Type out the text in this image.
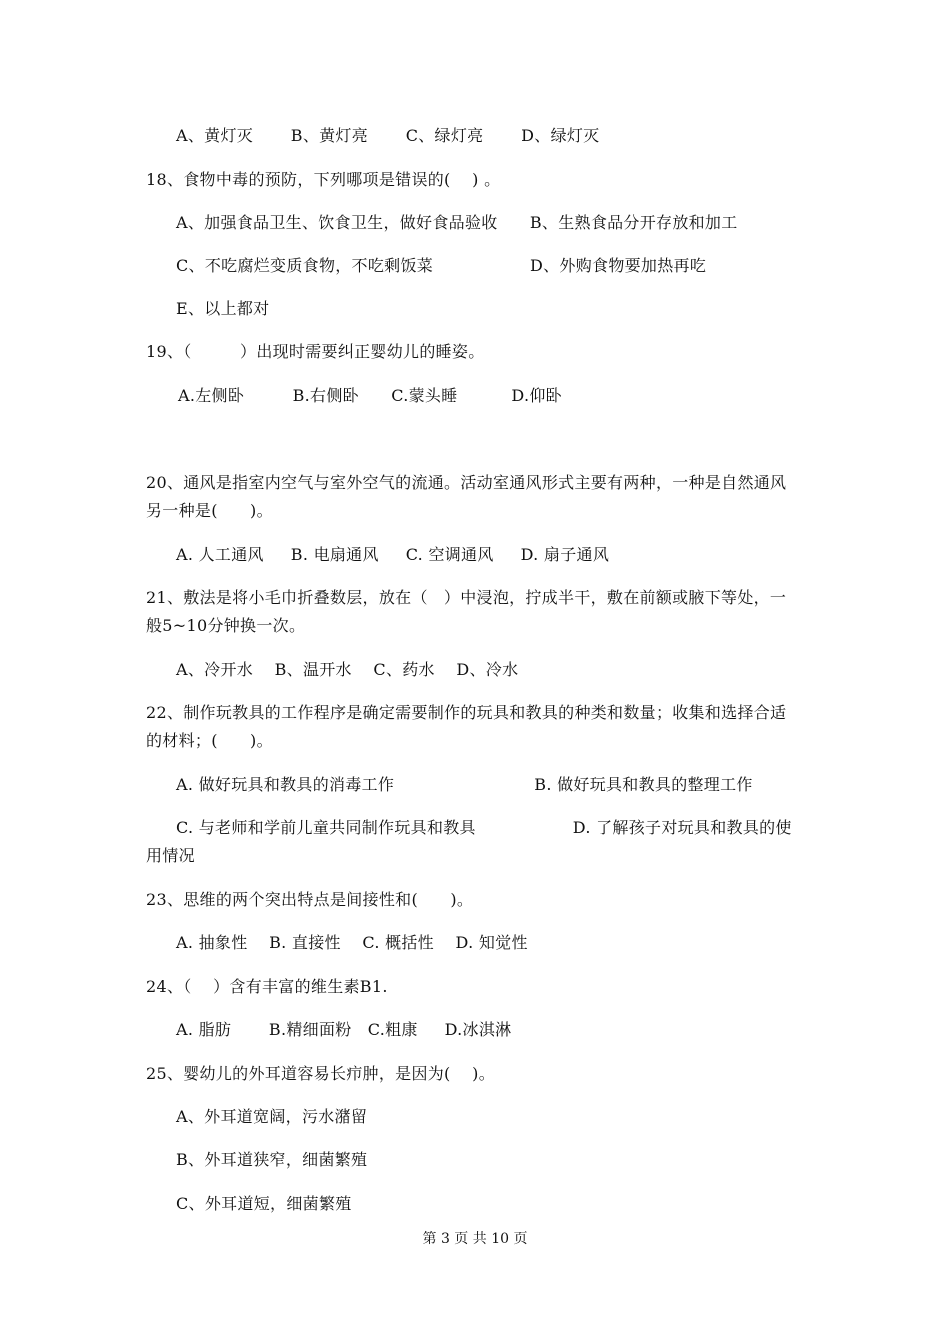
A、黄灯灭       B、黄灯亮       C、绿灯亮       D、绿灯灭
18、食物中毒的预防，下列哪项是错误的(    ) 。
A、加强食品卫生、饮食卫生，做好食品验收      B、生熟食品分开存放和加工
C、不吃腐烂变质食物，不吃剩饭菜                  D、外购食物要加热再吃
E、以上都对
19、（         ）出现时需要纠正婴幼儿的睡姿。
A.左侧卧         B.右侧卧      C.蒙头睡          D.仰卧
20、通风是指室内空气与室外空气的流通。活动室通风形式主要有两种，一种是自然通风
另一种是(      )。
A. 人工通风     B. 电扇通风     C. 空调通风     D. 扇子通风
21、敷法是将小毛巾折叠数层，放在（   ）中浸泡，拧成半干，敷在前额或腋下等处，一
般5~10分钟换一次。
A、冷开水    B、温开水    C、药水    D、冷水
22、制作玩教具的工作程序是确定需要制作的玩具和教具的种类和数量；收集和选择合适
的材料；(      )。
A. 做好玩具和教具的消毒工作                          B. 做好玩具和教具的整理工作
C. 与老师和学前儿童共同制作玩具和教具                  D. 了解孩子对玩具和教具的使
用情况
23、思维的两个突出特点是间接性和(      )。
A. 抽象性    B. 直接性    C. 概括性    D. 知觉性
24、（    ）含有丰富的维生素B1.
A. 脂肪       B.精细面粉   C.粗康     D.冰淇淋
25、婴幼儿的外耳道容易长疖肿，是因为(    )。
A、外耳道宽阔，污水潴留
B、外耳道狭窄，细菌繁殖
C、外耳道短，细菌繁殖
第 3 页 共 10 页
